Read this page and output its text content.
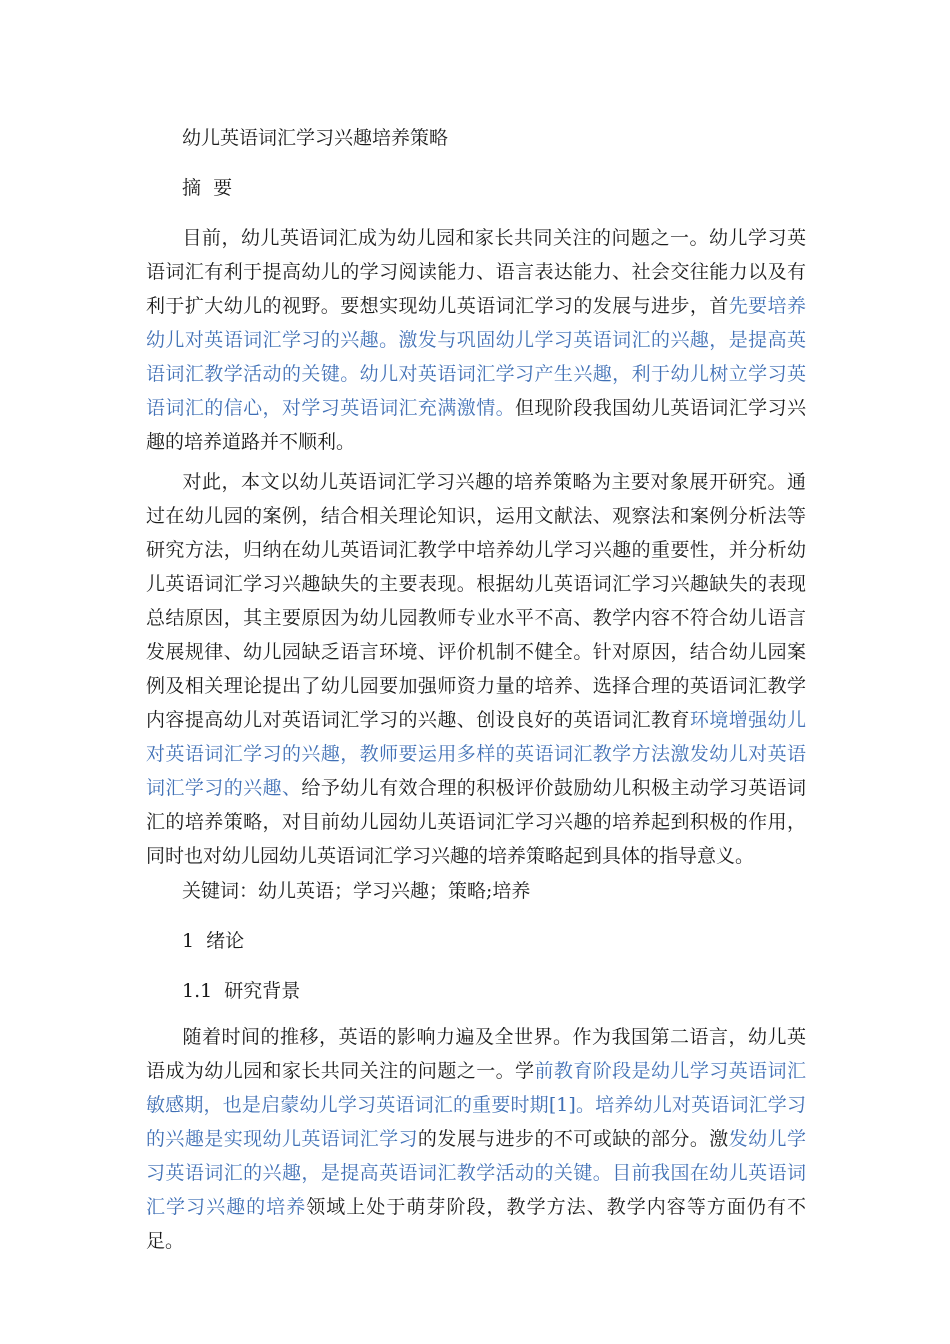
幼儿英语词汇学习兴趣培养策略
摘  要
目前，幼儿英语词汇成为幼儿园和家长共同关注的问题之一。幼儿学习英语词汇有利于提高幼儿的学习阅读能力、语言表达能力、社会交往能力以及有利于扩大幼儿的视野。要想实现幼儿英语词汇学习的发展与进步，首先要培养幼儿对英语词汇学习的兴趣。激发与巩固幼儿学习英语词汇的兴趣，是提高英语词汇教学活动的关键。幼儿对英语词汇学习产生兴趣，利于幼儿树立学习英语词汇的信心，对学习英语词汇充满激情。但现阶段我国幼儿英语词汇学习兴趣的培养道路并不顺利。
对此，本文以幼儿英语词汇学习兴趣的培养策略为主要对象展开研究。通过在幼儿园的案例，结合相关理论知识，运用文献法、观察法和案例分析法等研究方法，归纳在幼儿英语词汇教学中培养幼儿学习兴趣的重要性，并分析幼儿英语词汇学习兴趣缺失的主要表现。根据幼儿英语词汇学习兴趣缺失的表现总结原因，其主要原因为幼儿园教师专业水平不高、教学内容不符合幼儿语言发展规律、幼儿园缺乏语言环境、评价机制不健全。针对原因，结合幼儿园案例及相关理论提出了幼儿园要加强师资力量的培养、选择合理的英语词汇教学内容提高幼儿对英语词汇学习的兴趣、创设良好的英语词汇教育环境增强幼儿对英语词汇学习的兴趣，教师要运用多样的英语词汇教学方法激发幼儿对英语词汇学习的兴趣、给予幼儿有效合理的积极评价鼓励幼儿积极主动学习英语词汇的培养策略，对目前幼儿园幼儿英语词汇学习兴趣的培养起到积极的作用，同时也对幼儿园幼儿英语词汇学习兴趣的培养策略起到具体的指导意义。
关键词：幼儿英语；学习兴趣；策略;培养
1  绪论
1.1  研究背景
随着时间的推移，英语的影响力遍及全世界。作为我国第二语言，幼儿英语成为幼儿园和家长共同关注的问题之一。学前教育阶段是幼儿学习英语词汇敏感期，也是启蒙幼儿学习英语词汇的重要时期[1]。培养幼儿对英语词汇学习的兴趣是实现幼儿英语词汇学习的发展与进步的不可或缺的部分。激发幼儿学习英语词汇的兴趣，是提高英语词汇教学活动的关键。目前我国在幼儿英语词汇学习兴趣的培养领域上处于萌芽阶段，教学方法、教学内容等方面仍有不足。
